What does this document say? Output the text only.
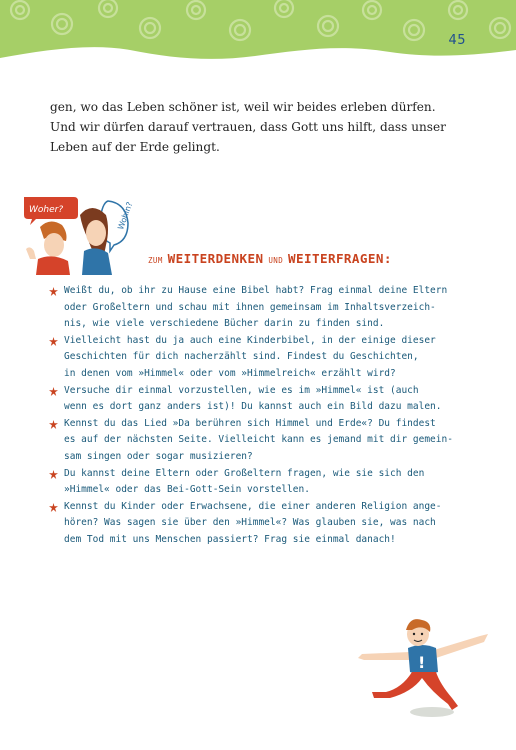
45

gen, wo das Leben schöner ist, weil wir beides erleben dürfen.
Und wir dürfen darauf vertrauen, dass Gott uns hilft, dass unser
Leben auf der Erde gelingt.

Woher?	Wohin?
ZUM WEITERDENKEN UND WEITERFRAGEN:
Weißt du, ob ihr zu Hause eine Bibel habt? Frag einmal deine Eltern
oder Großeltern und schau mit ihnen gemeinsam im Inhaltsverzeich-
nis, wie viele verschiedene Bücher darin zu finden sind.
Vielleicht hast du ja auch eine Kinderbibel, in der einige dieser
Geschichten für dich nacherzählt sind. Findest du Geschichten,
in denen vom »Himmel« oder vom »Himmelreich« erzählt wird?
Versuche dir einmal vorzustellen, wie es im »Himmel« ist (auch
wenn es dort ganz anders ist)! Du kannst auch ein Bild dazu malen.
Kennst du das Lied »Da berühren sich Himmel und Erde«? Du findest
es auf der nächsten Seite. Vielleicht kann es jemand mit dir gemein-
sam singen oder sogar musizieren?
Du kannst deine Eltern oder Großeltern fragen, wie sie sich den
»Himmel« oder das Bei-Gott-Sein vorstellen.
Kennst du Kinder oder Erwachsene, die einer anderen Religion ange-
hören? Was sagen sie über den »Himmel«? Was glauben sie, was nach
dem Tod mit uns Menschen passiert? Frag sie einmal danach!
!
